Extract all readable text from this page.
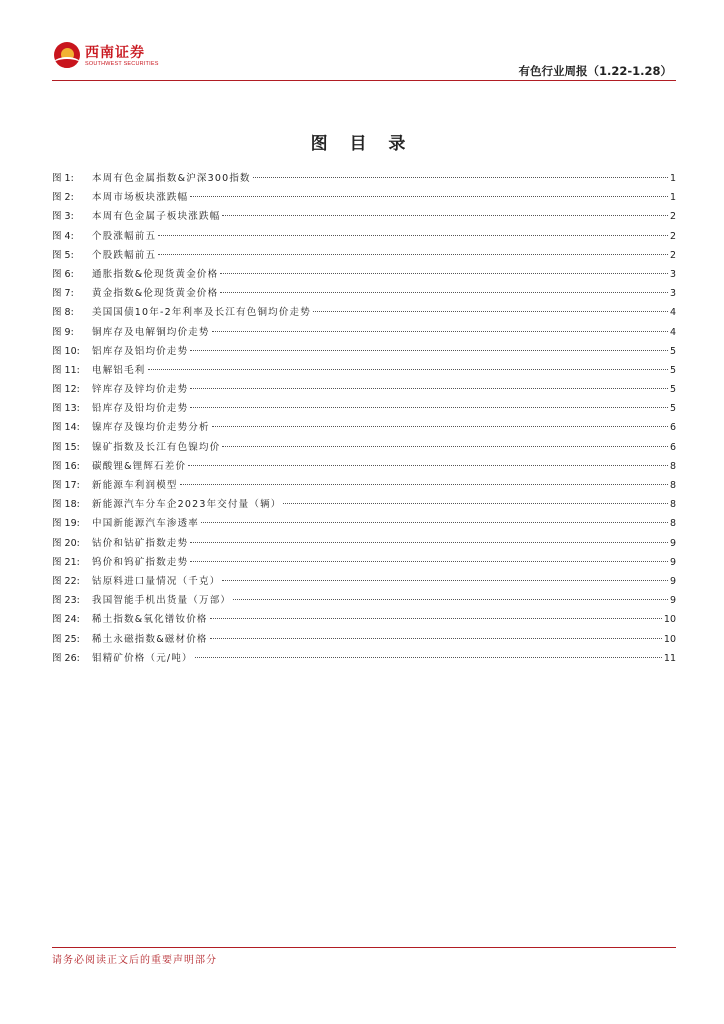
西南证券
SOUTHWEST SECURITIES	有色行业周报（1.22-1.28）
图 目 录
图 1:	本周有色金属指数&沪深300指数	1
图 2:	本周市场板块涨跌幅	1
图 3:	本周有色金属子板块涨跌幅	2
图 4:	个股涨幅前五	2
图 5:	个股跌幅前五	2
图 6:	通胀指数&伦现货黄金价格	3
图 7:	黄金指数&伦现货黄金价格	3
图 8:	美国国债10年-2年利率及长江有色铜均价走势	4
图 9:	铜库存及电解铜均价走势	4
图 10:	铝库存及铝均价走势	5
图 11:	电解铝毛利	5
图 12:	锌库存及锌均价走势	5
图 13:	铅库存及铅均价走势	5
图 14:	镍库存及镍均价走势分析	6
图 15:	镍矿指数及长江有色镍均价	6
图 16:	碳酸锂&锂辉石差价	8
图 17:	新能源车利润模型	8
图 18:	新能源汽车分车企2023年交付量（辆）	8
图 19:	中国新能源汽车渗透率	8
图 20:	钴价和钴矿指数走势	9
图 21:	钨价和钨矿指数走势	9
图 22:	钴原料进口量情况（千克）	9
图 23:	我国智能手机出货量（万部）	9
图 24:	稀土指数&氧化镨钕价格	10
图 25:	稀土永磁指数&磁材价格	10
图 26:	钼精矿价格（元/吨）	11
请务必阅读正文后的重要声明部分
